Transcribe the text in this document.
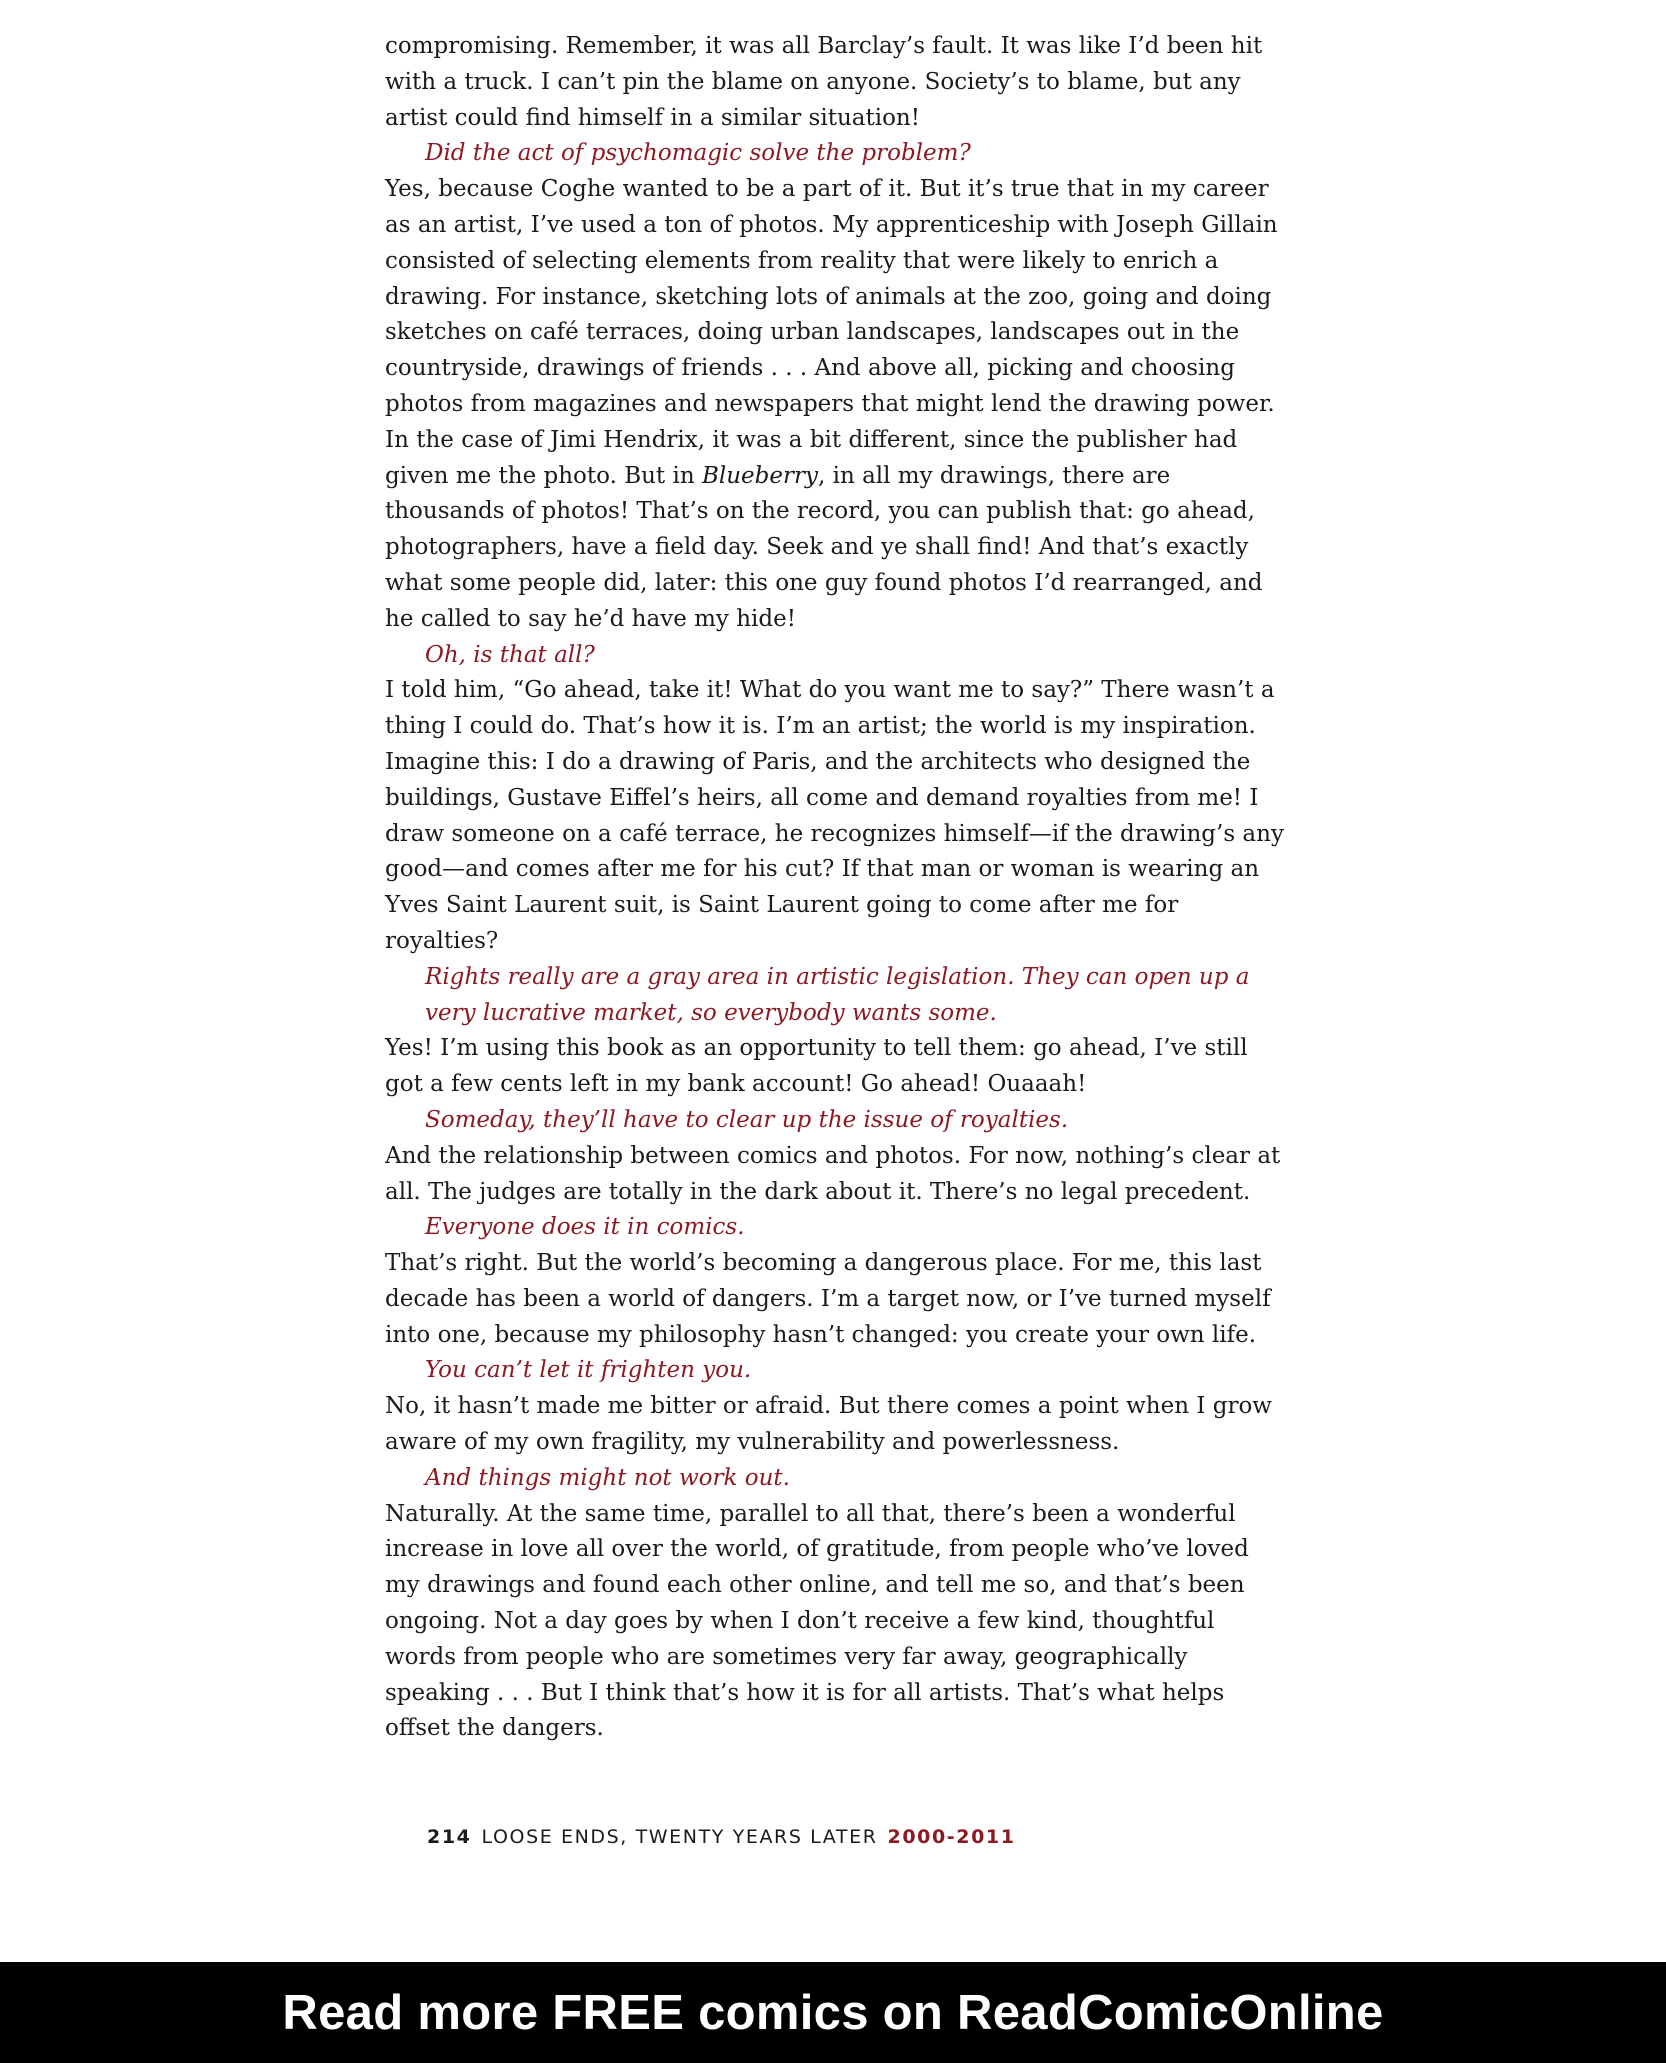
compromising. Remember, it was all Barclay’s fault. It was like I’d been hit with a truck. I can’t pin the blame on anyone. Society’s to blame, but any artist could find himself in a similar situation!

Did the act of psychomagic solve the problem?

Yes, because Coghe wanted to be a part of it. But it’s true that in my career as an artist, I’ve used a ton of photos. My apprenticeship with Joseph Gillain consisted of selecting elements from reality that were likely to enrich a drawing. For instance, sketching lots of animals at the zoo, going and doing sketches on café terraces, doing urban landscapes, landscapes out in the countryside, drawings of friends . . . And above all, picking and choosing photos from magazines and newspapers that might lend the drawing power. In the case of Jimi Hendrix, it was a bit different, since the publisher had given me the photo. But in Blueberry, in all my drawings, there are thousands of photos! That’s on the record, you can publish that: go ahead, photographers, have a field day. Seek and ye shall find! And that’s exactly what some people did, later: this one guy found photos I’d rearranged, and he called to say he’d have my hide!

Oh, is that all?

I told him, “Go ahead, take it! What do you want me to say?” There wasn’t a thing I could do. That’s how it is. I’m an artist; the world is my inspiration. Imagine this: I do a drawing of Paris, and the architects who designed the buildings, Gustave Eiffel’s heirs, all come and demand royalties from me! I draw someone on a café terrace, he recognizes himself—if the drawing’s any good—and comes after me for his cut? If that man or woman is wearing an Yves Saint Laurent suit, is Saint Laurent going to come after me for royalties?

Rights really are a gray area in artistic legislation. They can open up a very lucrative market, so everybody wants some.

Yes! I’m using this book as an opportunity to tell them: go ahead, I’ve still got a few cents left in my bank account! Go ahead! Ouaaah!

Someday, they’ll have to clear up the issue of royalties.

And the relationship between comics and photos. For now, nothing’s clear at all. The judges are totally in the dark about it. There’s no legal precedent.

Everyone does it in comics.

That’s right. But the world’s becoming a dangerous place. For me, this last decade has been a world of dangers. I’m a target now, or I’ve turned myself into one, because my philosophy hasn’t changed: you create your own life.

You can’t let it frighten you.

No, it hasn’t made me bitter or afraid. But there comes a point when I grow aware of my own fragility, my vulnerability and powerlessness.

And things might not work out.

Naturally. At the same time, parallel to all that, there’s been a wonderful increase in love all over the world, of gratitude, from people who’ve loved my drawings and found each other online, and tell me so, and that’s been ongoing. Not a day goes by when I don’t receive a few kind, thoughtful words from people who are sometimes very far away, geographically speaking . . . But I think that’s how it is for all artists. That’s what helps offset the dangers.

214 LOOSE ENDS, TWENTY YEARS LATER 2000-2011
Read more FREE comics on ReadComicOnline
